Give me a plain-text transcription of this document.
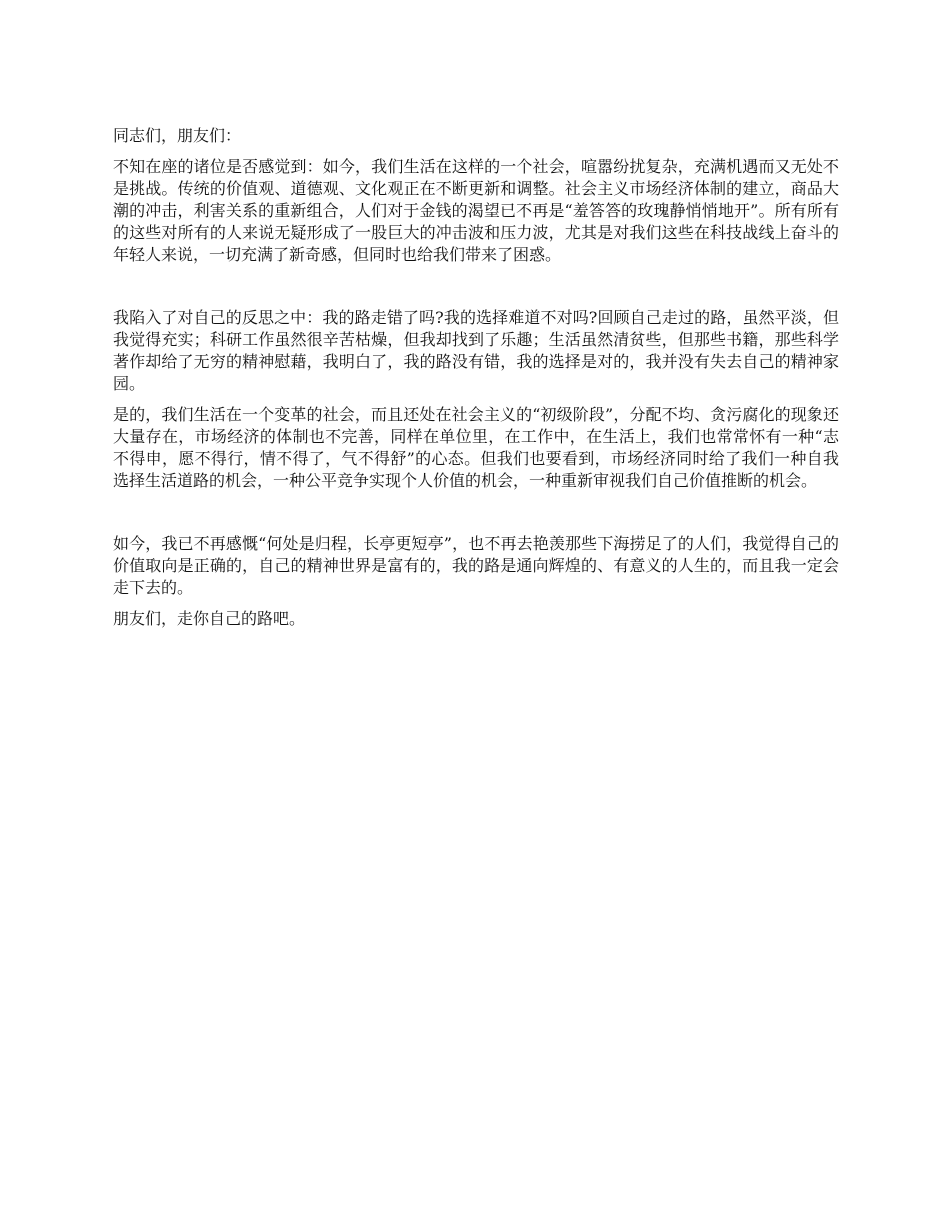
同志们，朋友们：

不知在座的诸位是否感觉到：如今，我们生活在这样的一个社会，喧嚣纷扰复杂，充满机遇而又无处不是挑战。传统的价值观、道德观、文化观正在不断更新和调整。社会主义市场经济体制的建立，商品大潮的冲击，利害关系的重新组合，人们对于金钱的渴望已不再是“羞答答的玫瑰静悄悄地开”。所有所有的这些对所有的人来说无疑形成了一股巨大的冲击波和压力波，尤其是对我们这些在科技战线上奋斗的年轻人来说，一切充满了新奇感，但同时也给我们带来了困惑。

我陷入了对自己的反思之中：我的路走错了吗?我的选择难道不对吗?回顾自己走过的路，虽然平淡，但我觉得充实；科研工作虽然很辛苦枯燥，但我却找到了乐趣；生活虽然清贫些，但那些书籍，那些科学著作却给了无穷的精神慰藉，我明白了，我的路没有错，我的选择是对的，我并没有失去自己的精神家园。

是的，我们生活在一个变革的社会，而且还处在社会主义的“初级阶段”，分配不均、贪污腐化的现象还大量存在，市场经济的体制也不完善，同样在单位里，在工作中，在生活上，我们也常常怀有一种“志不得申，愿不得行，情不得了，气不得舒”的心态。但我们也要看到，市场经济同时给了我们一种自我选择生活道路的机会，一种公平竞争实现个人价值的机会，一种重新审视我们自己价值推断的机会。

如今，我已不再感慨“何处是归程，长亭更短亭”，也不再去艳羡那些下海捞足了的人们，我觉得自己的价值取向是正确的，自己的精神世界是富有的，我的路是通向辉煌的、有意义的人生的，而且我一定会走下去的。

朋友们，走你自己的路吧。
